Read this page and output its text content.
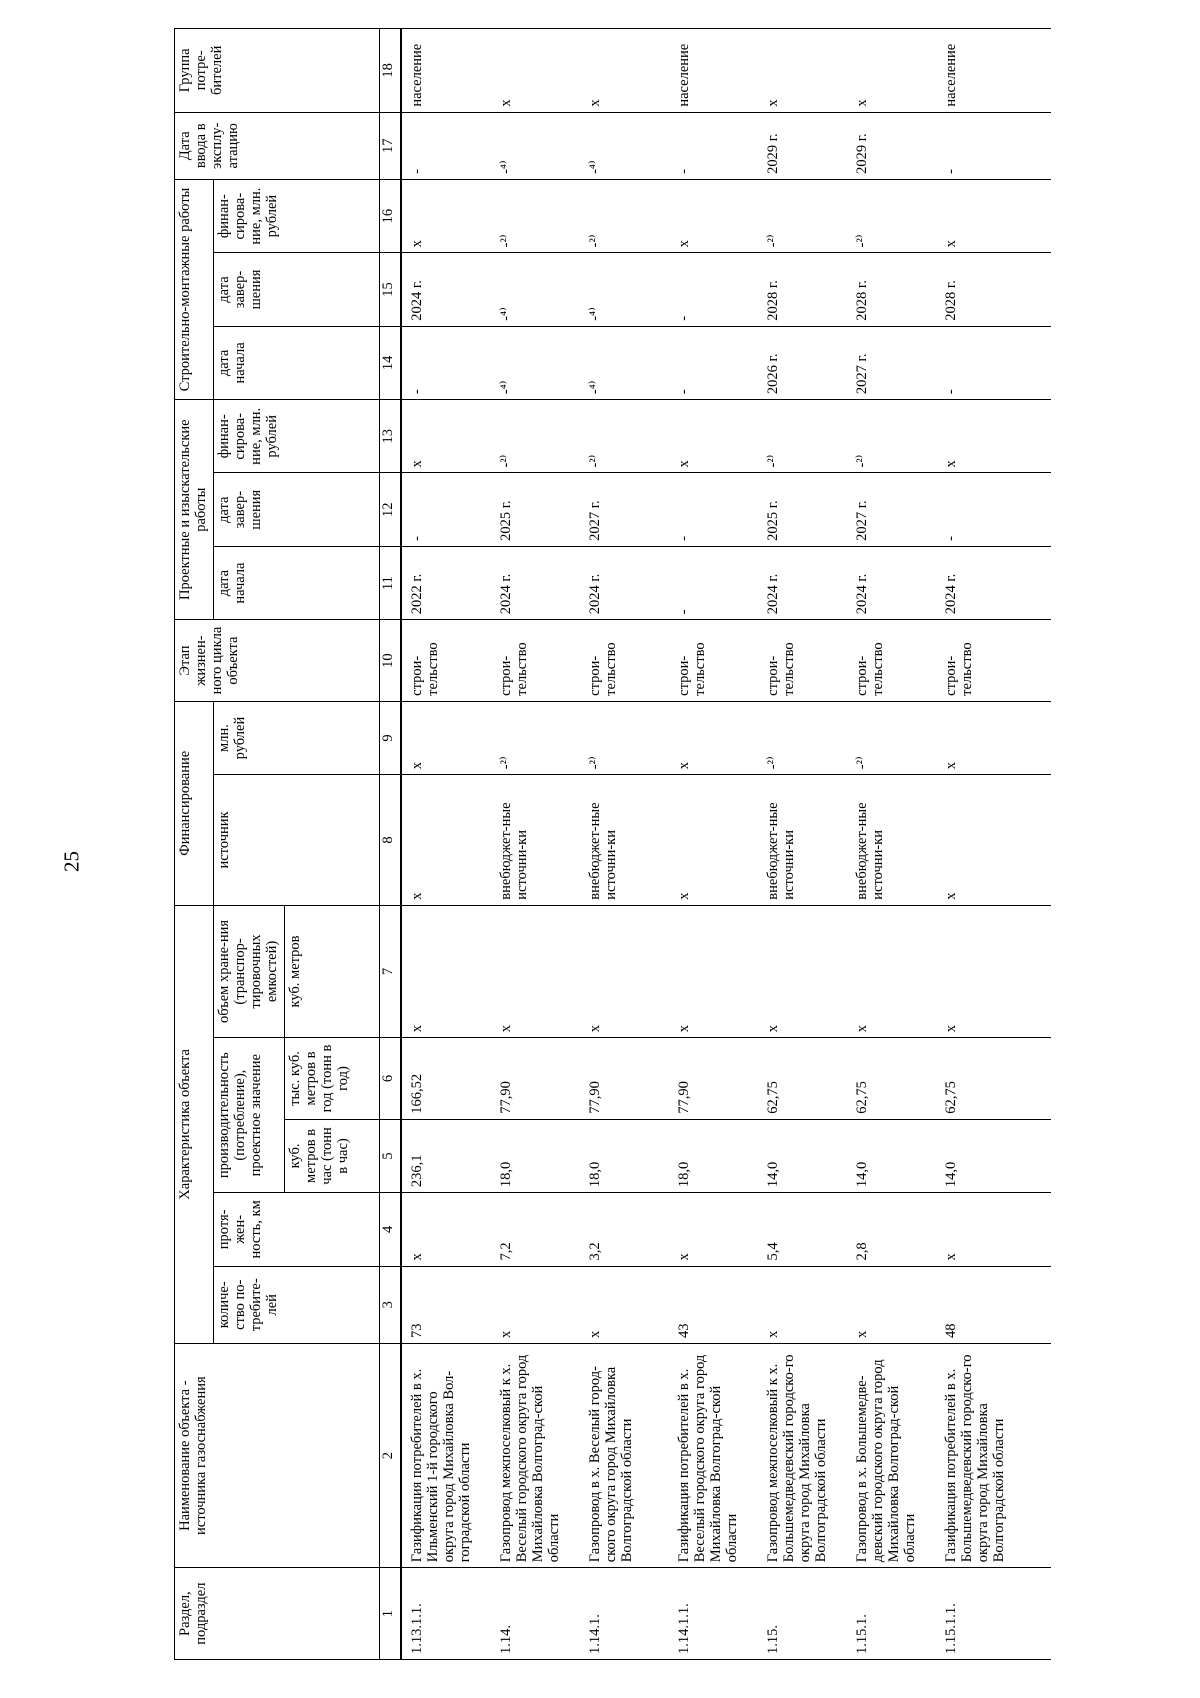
25
Раздел, подраздел	Наименование объекта - источника газоснабжения	Характеристика объекта					Финансирование		Этап жизнен-ного цикла объекта	Проектные и изыскательские работы			Строительно-монтажные работы			Дата ввода в эксплу-атацию	Группа потре-бителей
		количе-ство по-требите-лей	протя-жен-ность, км	производительность (потребление), проектное значение		объем хране-ния (транспор-тировочных емкостей)	источник	млн. рублей		дата начала	дата завер-шения	финан-сирова-ние, млн. рублей	дата начала	дата завер-шения	финан-сирова-ние, млн. рублей		
				куб. метров в час (тонн в час)	тыс. куб. метров в год (тонн в год)	куб. метров											
1	2	3	4	5	6	7	8	9	10	11	12	13	14	15	16	17	18
1.13.1.1.	Газификация потребителей в х. Ильменский 1-й городского округа город Михайловка Вол-гоградской области	73	x	236,1	166,52	x	x	x	строи-тельство	2022 г.	-	x	-	2024 г.	x	-	население
1.14.	Газопровод межпоселковый к х. Веселый городского округа город Михайловка Волгоград-ской области	x	7,2	18,0	77,90	x	внебюджет-ные источни-ки	-²⁾	строи-тельство	2024 г.	2025 г.	-²⁾	-⁴⁾	-⁴⁾	-²⁾	-⁴⁾	x
1.14.1.	Газопровод в х. Веселый город-ского округа город Михайловка Волгоградской области	x	3,2	18,0	77,90	x	внебюджет-ные источни-ки	-²⁾	строи-тельство	2024 г.	2027 г.	-²⁾	-⁴⁾	-⁴⁾	-²⁾	-⁴⁾	x
1.14.1.1.	Газификация потребителей в х. Веселый городского округа город Михайловка Волгоград-ской области	43	x	18,0	77,90	x	x	x	строи-тельство	-	-	x	-	-	x	-	население
1.15.	Газопровод межпоселковый к х. Большемедведевский городско-го округа город Михайловка Волгоградской области	x	5,4	14,0	62,75	x	внебюджет-ные источни-ки	-²⁾	строи-тельство	2024 г.	2025 г.	-²⁾	2026 г.	2028 г.	-²⁾	2029 г.	x
1.15.1.	Газопровод в х. Большемедве-девский городского округа город Михайловка Волгоград-ской области	x	2,8	14,0	62,75	x	внебюджет-ные источни-ки	-²⁾	строи-тельство	2024 г.	2027 г.	-²⁾	2027 г.	2028 г.	-²⁾	2029 г.	x
1.15.1.1.	Газификация потребителей в х. Большемедведевский городско-го округа город Михайловка Волгоградской области	48	x	14,0	62,75	x	x	x	строи-тельство	2024 г.	-	x	-	2028 г.	x	-	население
